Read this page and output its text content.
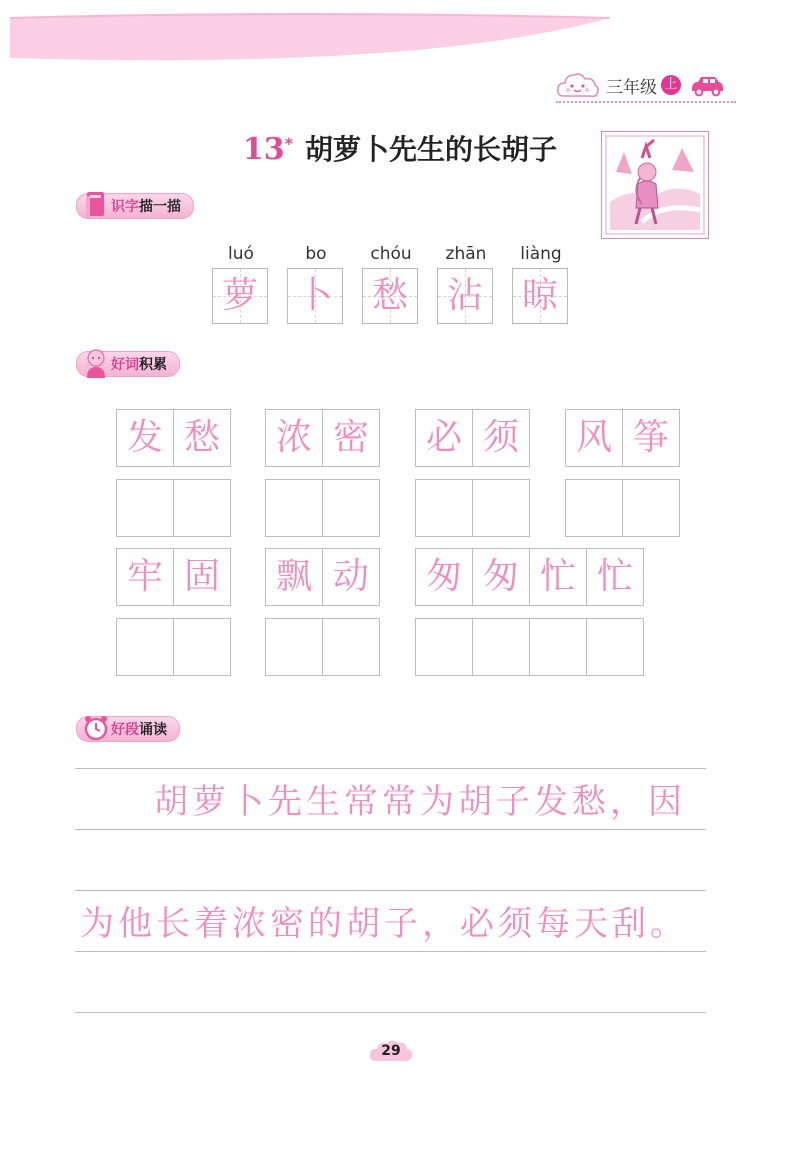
三年级 上
13* 胡萝卜先生的长胡子
识字 描一描
luó	bo	chóu	zhān	liàng
萝 卜 愁 沾 晾
好词 积累
发 愁	浓 密	必 须	风 筝
牢 固	飘 动	匆 匆 忙 忙
好段 诵读
胡萝卜先生常常为胡子发愁，因
为他长着浓密的胡子，必须每天刮。
29
